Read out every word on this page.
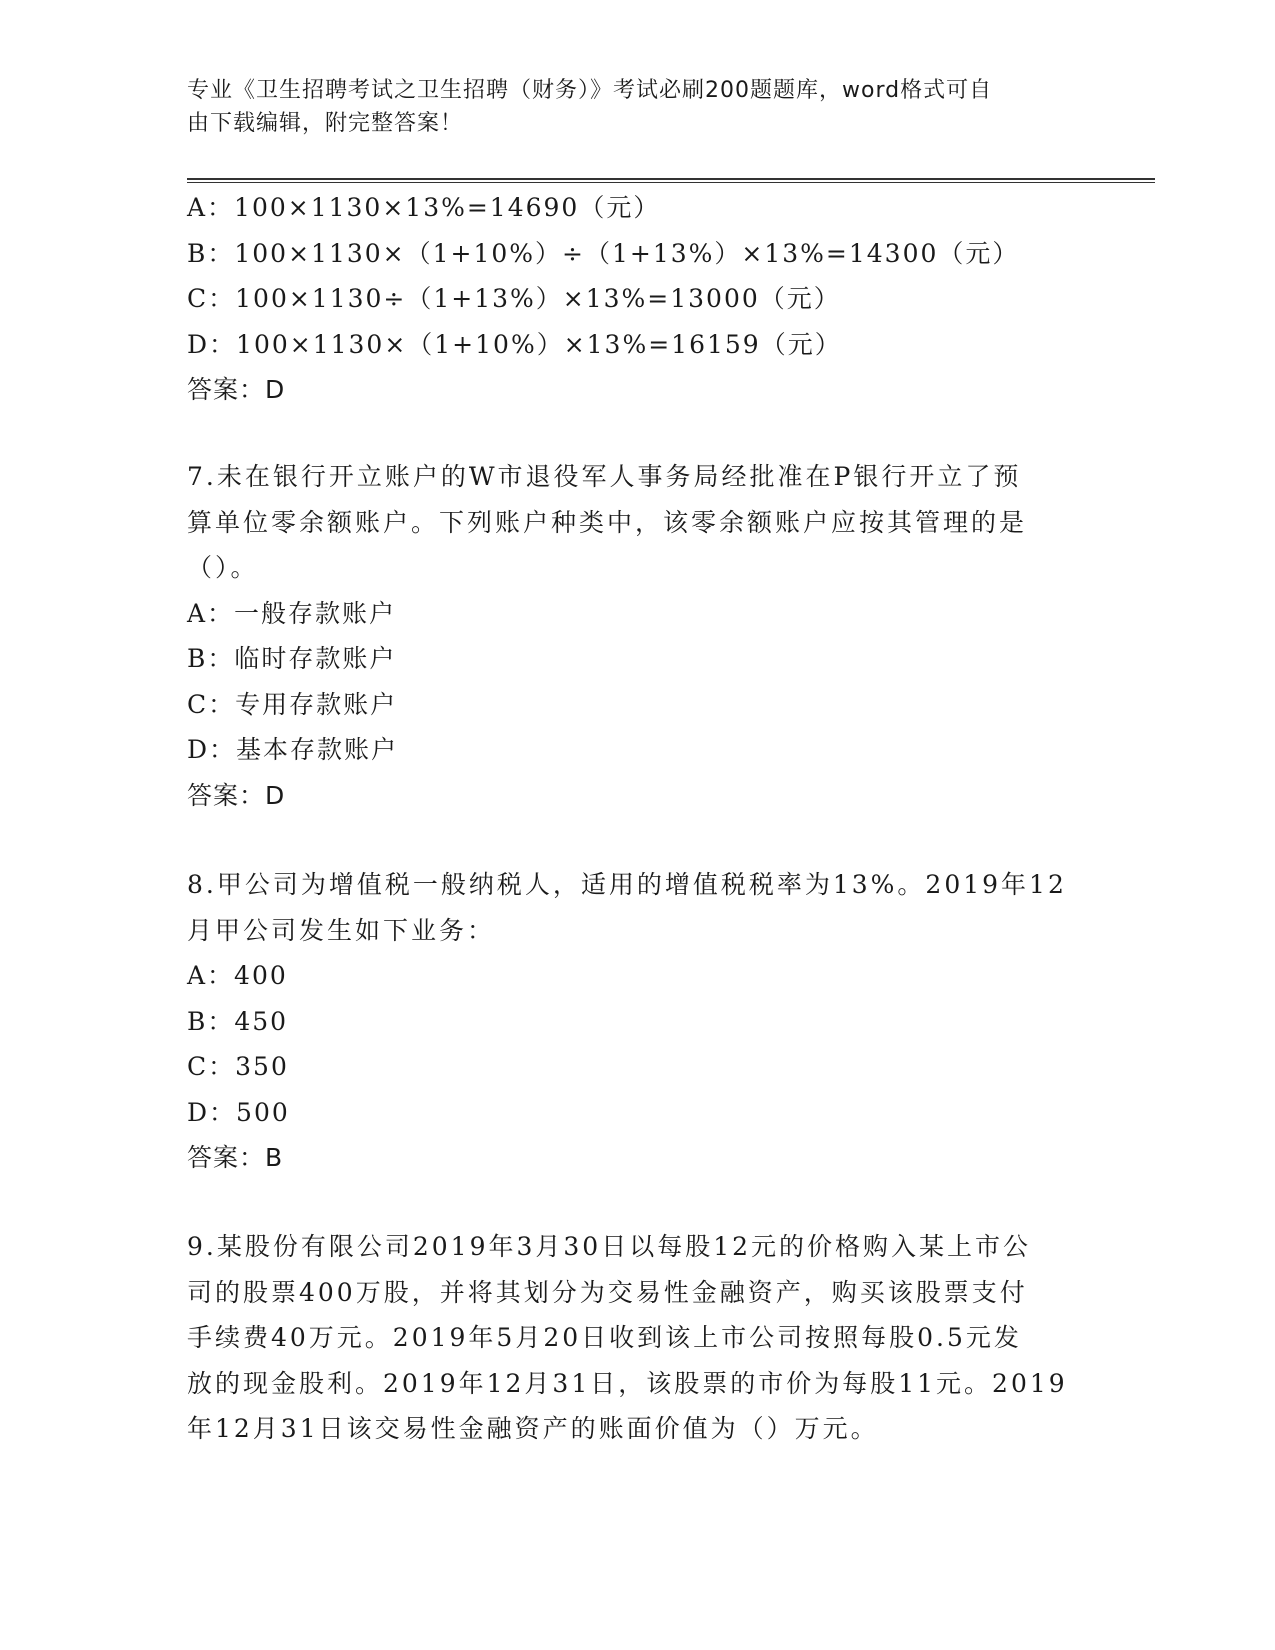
专业《卫生招聘考试之卫生招聘（财务）》考试必刷200题题库，word格式可自
由下载编辑，附完整答案！
A：100×1130×13%=14690（元）
B：100×1130×（1+10%）÷（1+13%）×13%=14300（元）
C：100×1130÷（1+13%）×13%=13000（元）
D：100×1130×（1+10%）×13%=16159（元）
答案：D
7.未在银行开立账户的W市退役军人事务局经批准在P银行开立了预
算单位零余额账户。下列账户种类中，该零余额账户应按其管理的是
（）。
A：一般存款账户
B：临时存款账户
C：专用存款账户
D：基本存款账户
答案：D
8.甲公司为增值税一般纳税人，适用的增值税税率为13%。2019年12
月甲公司发生如下业务：
A：400
B：450
C：350
D：500
答案：B
9.某股份有限公司2019年3月30日以每股12元的价格购入某上市公
司的股票400万股，并将其划分为交易性金融资产，购买该股票支付
手续费40万元。2019年5月20日收到该上市公司按照每股0.5元发
放的现金股利。2019年12月31日，该股票的市价为每股11元。2019
年12月31日该交易性金融资产的账面价值为（）万元。
